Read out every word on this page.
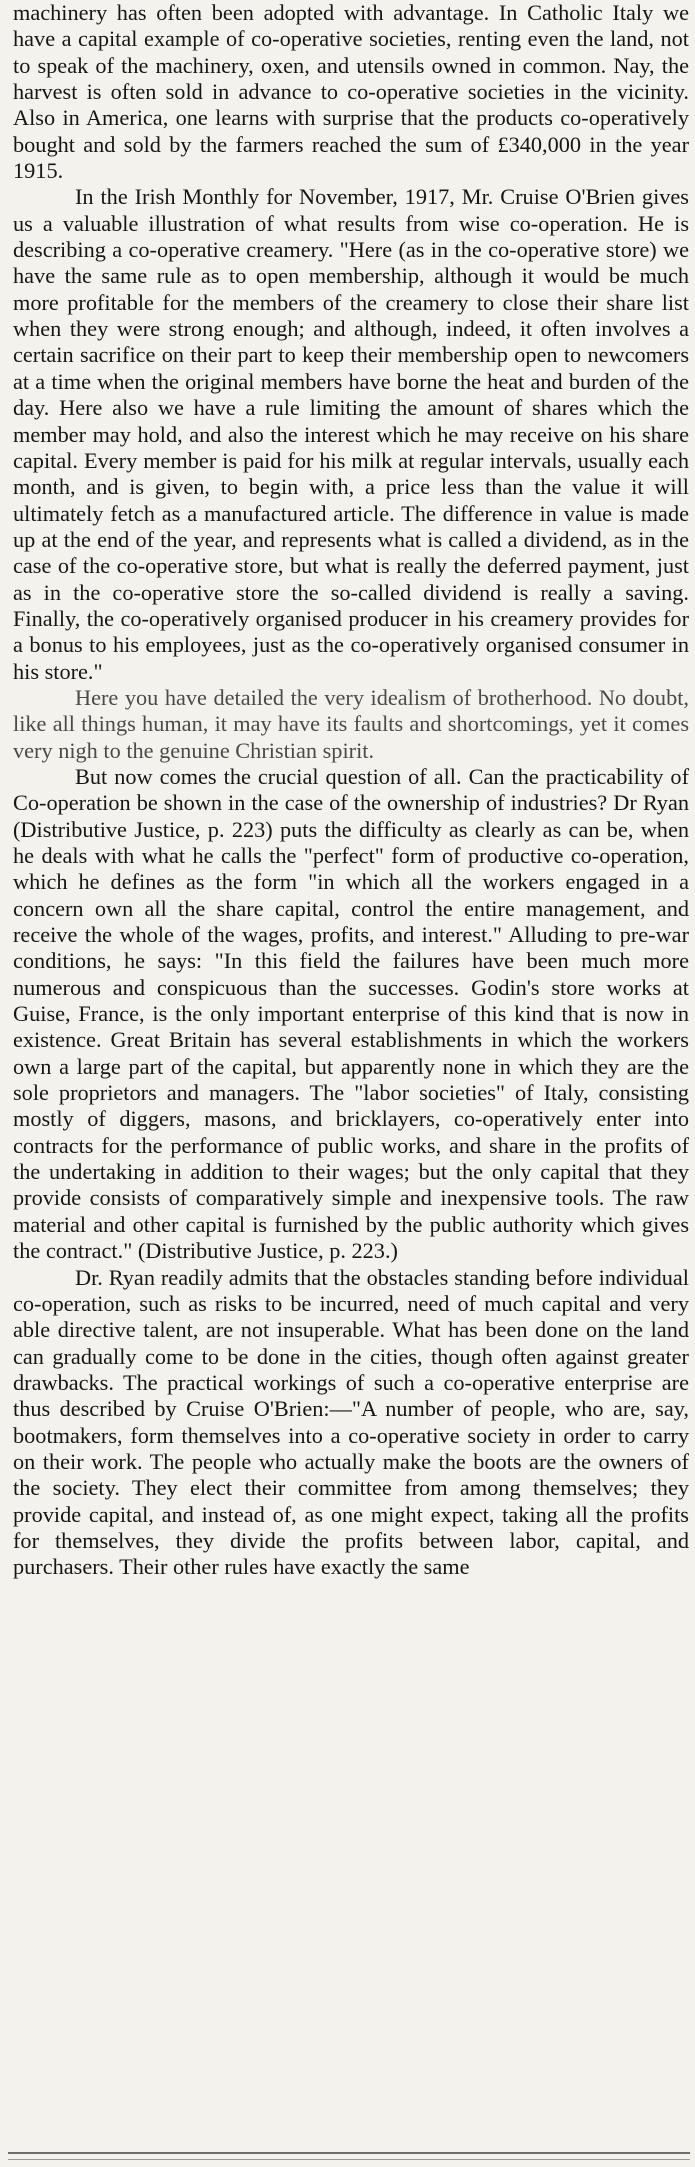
machinery has often been adopted with advantage. In Catholic Italy we have a capital example of co-operative societies, renting even the land, not to speak of the machinery, oxen, and utensils owned in common. Nay, the harvest is often sold in advance to co-operative societies in the vicinity. Also in America, one learns with surprise that the products co-operatively bought and sold by the farmers reached the sum of £340,000 in the year 1915.

In the Irish Monthly for November, 1917, Mr. Cruise O'Brien gives us a valuable illustration of what results from wise co-operation. He is describing a co-operative creamery. "Here (as in the co-operative store) we have the same rule as to open membership, although it would be much more profitable for the members of the creamery to close their share list when they were strong enough; and although, indeed, it often involves a certain sacrifice on their part to keep their membership open to newcomers at a time when the original members have borne the heat and burden of the day. Here also we have a rule limiting the amount of shares which the member may hold, and also the interest which he may receive on his share capital. Every member is paid for his milk at regular intervals, usually each month, and is given, to begin with, a price less than the value it will ultimately fetch as a manufactured article. The difference in value is made up at the end of the year, and represents what is called a dividend, as in the case of the co-operative store, but what is really the deferred payment, just as in the co-operative store the so-called dividend is really a saving. Finally, the co-operatively organised producer in his creamery provides for a bonus to his employees, just as the co-operatively organised consumer in his store."

Here you have detailed the very idealism of brotherhood. No doubt, like all things human, it may have its faults and shortcomings, yet it comes very nigh to the genuine Christian spirit.

But now comes the crucial question of all. Can the practicability of Co-operation be shown in the case of the ownership of industries? Dr Ryan (Distributive Justice, p. 223) puts the difficulty as clearly as can be, when he deals with what he calls the "perfect" form of productive co-operation, which he defines as the form "in which all the workers engaged in a concern own all the share capital, control the entire management, and receive the whole of the wages, profits, and interest." Alluding to pre-war conditions, he says: "In this field the failures have been much more numerous and conspicuous than the successes. Godin's store works at Guise, France, is the only important enterprise of this kind that is now in existence. Great Britain has several establishments in which the workers own a large part of the capital, but apparently none in which they are the sole proprietors and managers. The "labor societies" of Italy, consisting mostly of diggers, masons, and bricklayers, co-operatively enter into contracts for the performance of public works, and share in the profits of the undertaking in addition to their wages; but the only capital that they provide consists of comparatively simple and inexpensive tools. The raw material and other capital is furnished by the public authority which gives the contract." (Distributive Justice, p. 223.)

Dr. Ryan readily admits that the obstacles standing before individual co-operation, such as risks to be incurred, need of much capital and very able directive talent, are not insuperable. What has been done on the land can gradually come to be done in the cities, though often against greater drawbacks. The practical workings of such a co-operative enterprise are thus described by Cruise O'Brien:—"A number of people, who are, say, bootmakers, form themselves into a co-operative society in order to carry on their work. The people who actually make the boots are the owners of the society. They elect their committee from among themselves; they provide capital, and instead of, as one might expect, taking all the profits for themselves, they divide the profits between labor, capital, and purchasers. Their other rules have exactly the same
